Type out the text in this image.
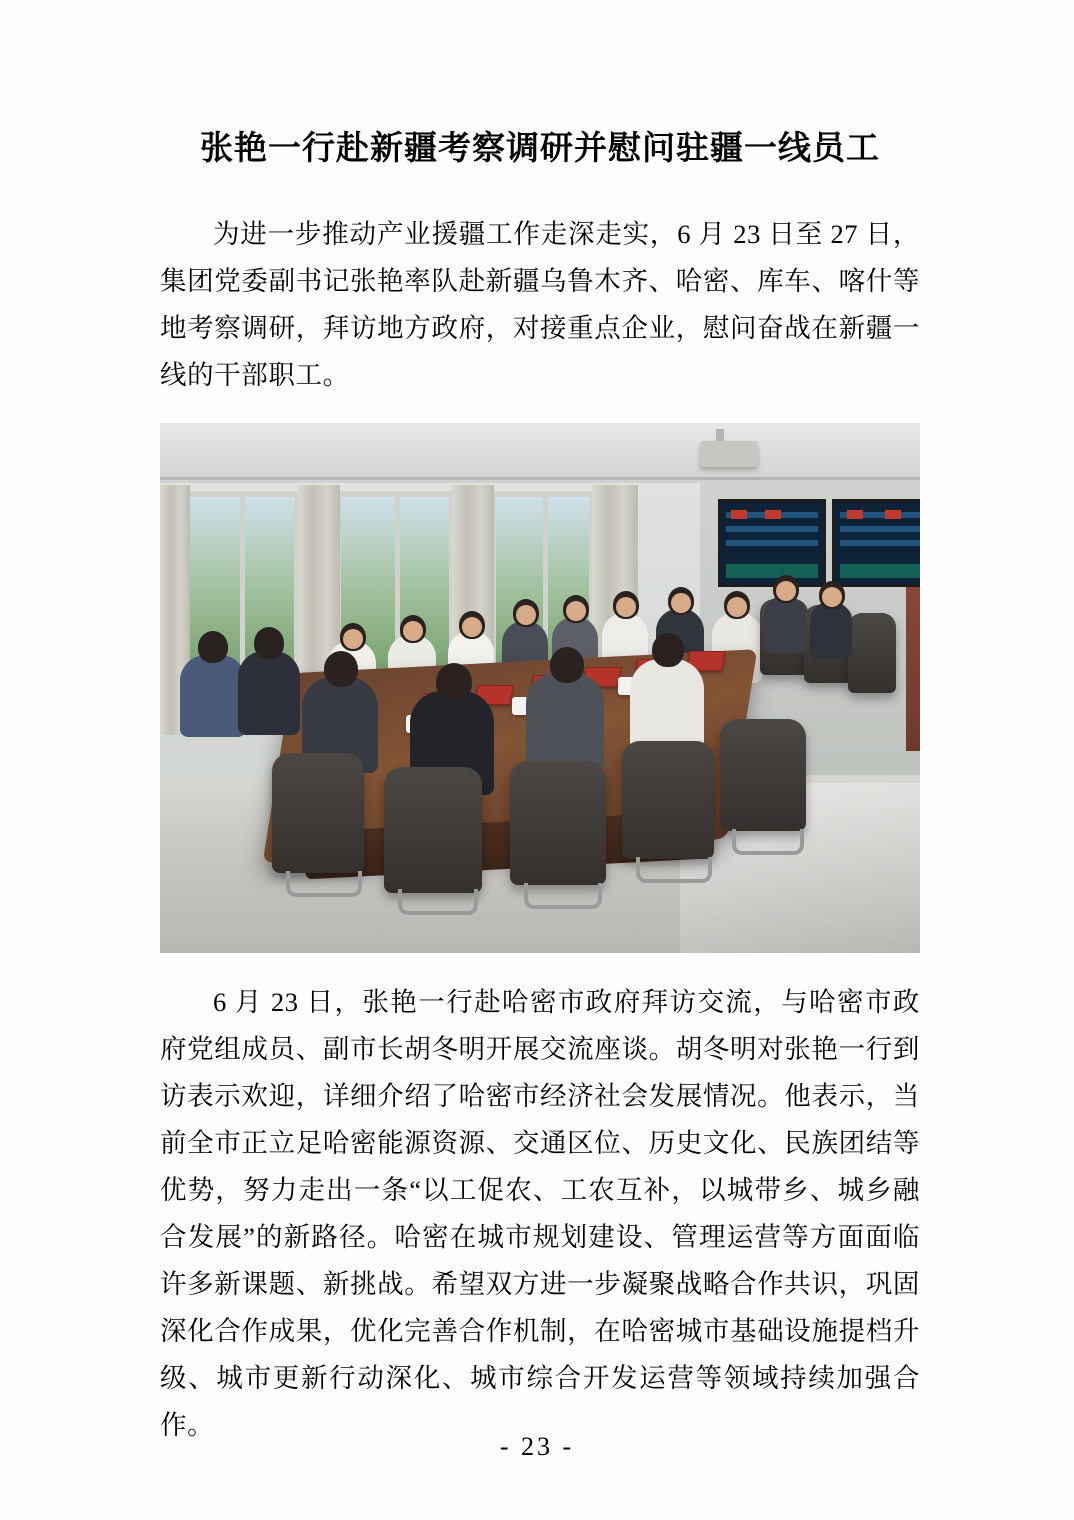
张艳一行赴新疆考察调研并慰问驻疆一线员工

为进一步推动产业援疆工作走深走实，6 月 23 日至 27 日，集团党委副书记张艳率队赴新疆乌鲁木齐、哈密、库车、喀什等地考察调研，拜访地方政府，对接重点企业，慰问奋战在新疆一线的干部职工。

6 月 23 日，张艳一行赴哈密市政府拜访交流，与哈密市政府党组成员、副市长胡冬明开展交流座谈。胡冬明对张艳一行到访表示欢迎，详细介绍了哈密市经济社会发展情况。他表示，当前全市正立足哈密能源资源、交通区位、历史文化、民族团结等优势，努力走出一条“以工促农、工农互补，以城带乡、城乡融合发展”的新路径。哈密在城市规划建设、管理运营等方面面临许多新课题、新挑战。希望双方进一步凝聚战略合作共识，巩固深化合作成果，优化完善合作机制，在哈密城市基础设施提档升级、城市更新行动深化、城市综合开发运营等领域持续加强合作。

- 23 -
